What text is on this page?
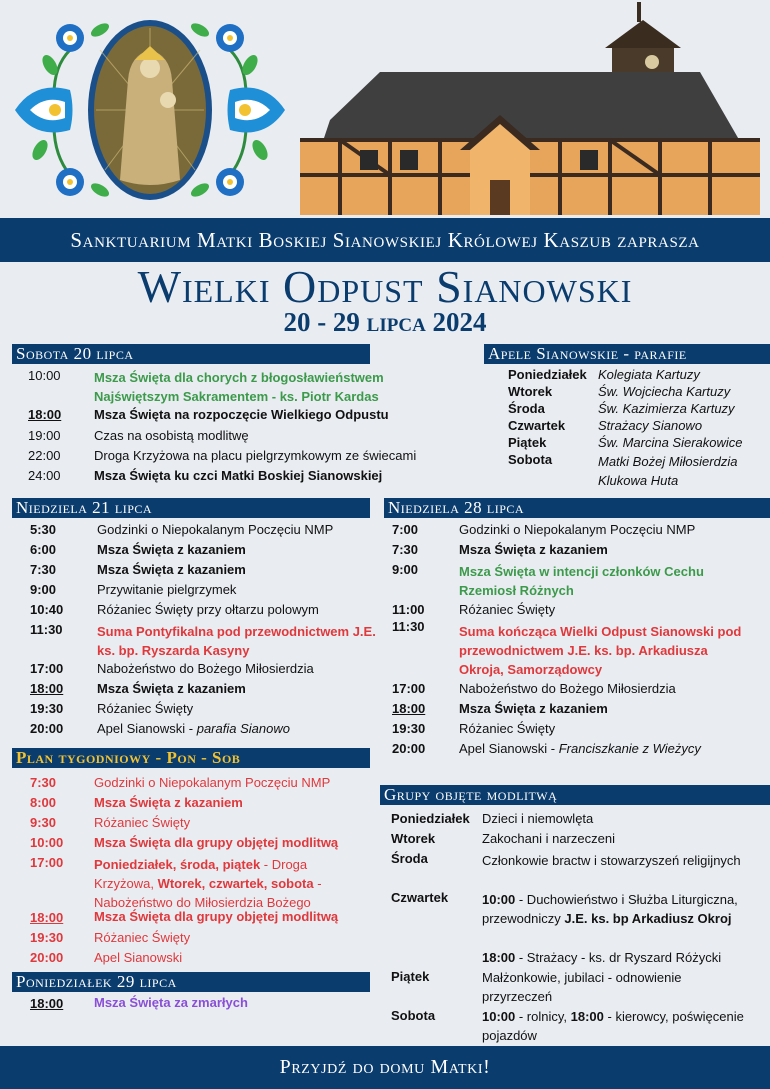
Sanktuarium Matki Boskiej Sianowskiej Królowej Kaszub zaprasza
Wielki Odpust Sianowski
20 - 29 lipca 2024
Sobota 20 lipca
10:00	Msza Święta dla chorych z błogosławieństwem Najświętszym Sakramentem - ks. Piotr Kardas
18:00	Msza Święta na rozpoczęcie Wielkiego Odpustu
19:00	Czas na osobistą modlitwę
22:00	Droga Krzyżowa na placu pielgrzymkowym ze świecami
24:00	Msza Święta ku czci Matki Boskiej Sianowskiej
Apele Sianowskie - parafie
Poniedziałek Kolegiata Kartuzy
Wtorek	Św. Wojciecha Kartuzy
Środa	Św. Kazimierza Kartuzy
Czwartek	Strażacy Sianowo
Piątek	Św. Marcina Sierakowice
Sobota	Matki Bożej Miłosierdzia Klukowa Huta
Niedziela 21 lipca
5:30	Godzinki o Niepokalanym Poczęciu NMP
6:00	Msza Święta z kazaniem
7:30	Msza Święta z kazaniem
9:00	Przywitanie pielgrzymek
10:40	Różaniec Święty przy ołtarzu polowym
11:30	Suma Pontyfikalna pod przewodnictwem J.E. ks. bp. Ryszarda Kasyny
17:00	Nabożeństwo do Bożego Miłosierdzia
18:00	Msza Święta z kazaniem
19:30	Różaniec Święty
20:00	Apel Sianowski - parafia Sianowo
Niedziela 28 lipca
7:00	Godzinki o Niepokalanym Poczęciu NMP
7:30	Msza Święta z kazaniem
9:00	Msza Święta w intencji członków Cechu Rzemiosł Różnych
11:00	Różaniec Święty
11:30	Suma kończąca Wielki Odpust Sianowski pod przewodnictwem J.E. ks. bp. Arkadiusza Okroja, Samorządowcy
17:00	Nabożeństwo do Bożego Miłosierdzia
18:00	Msza Święta z kazaniem
19:30	Różaniec Święty
20:00	Apel Sianowski - Franciszkanie z Wieżycy
Plan tygodniowy - Pon - Sob
7:30	Godzinki o Niepokalanym Poczęciu NMP
8:00	Msza Święta z kazaniem
9:30	Różaniec Święty
10:00 Msza Święta dla grupy objętej modlitwą
17:00 Poniedziałek, środa, piątek - Droga Krzyżowa, Wtorek, czwartek, sobota - Nabożeństwo do Miłosierdzia Bożego
18:00 Msza Święta dla grupy objętej modlitwą
19:30 Różaniec Święty
20:00 Apel Sianowski
Poniedziałek 29 lipca
18:00 Msza Święta za zmarłych
Grupy objęte modlitwą
Poniedziałek Dzieci i niemowlęta
Wtorek	Zakochani i narzeczeni
Środa	Członkowie bractw i stowarzyszeń religijnych
Czwartek	10:00 - Duchowieństwo i Służba Liturgiczna, przewodniczy J.E. ks. bp Arkadiusz Okroj
18:00 - Strażacy - ks. dr Ryszard Różycki
Piątek	Małżonkowie, jubilaci - odnowienie przyrzeczeń
Sobota	10:00 - rolnicy, 18:00 - kierowcy, poświęcenie pojazdów
Przyjdź do domu Matki!
